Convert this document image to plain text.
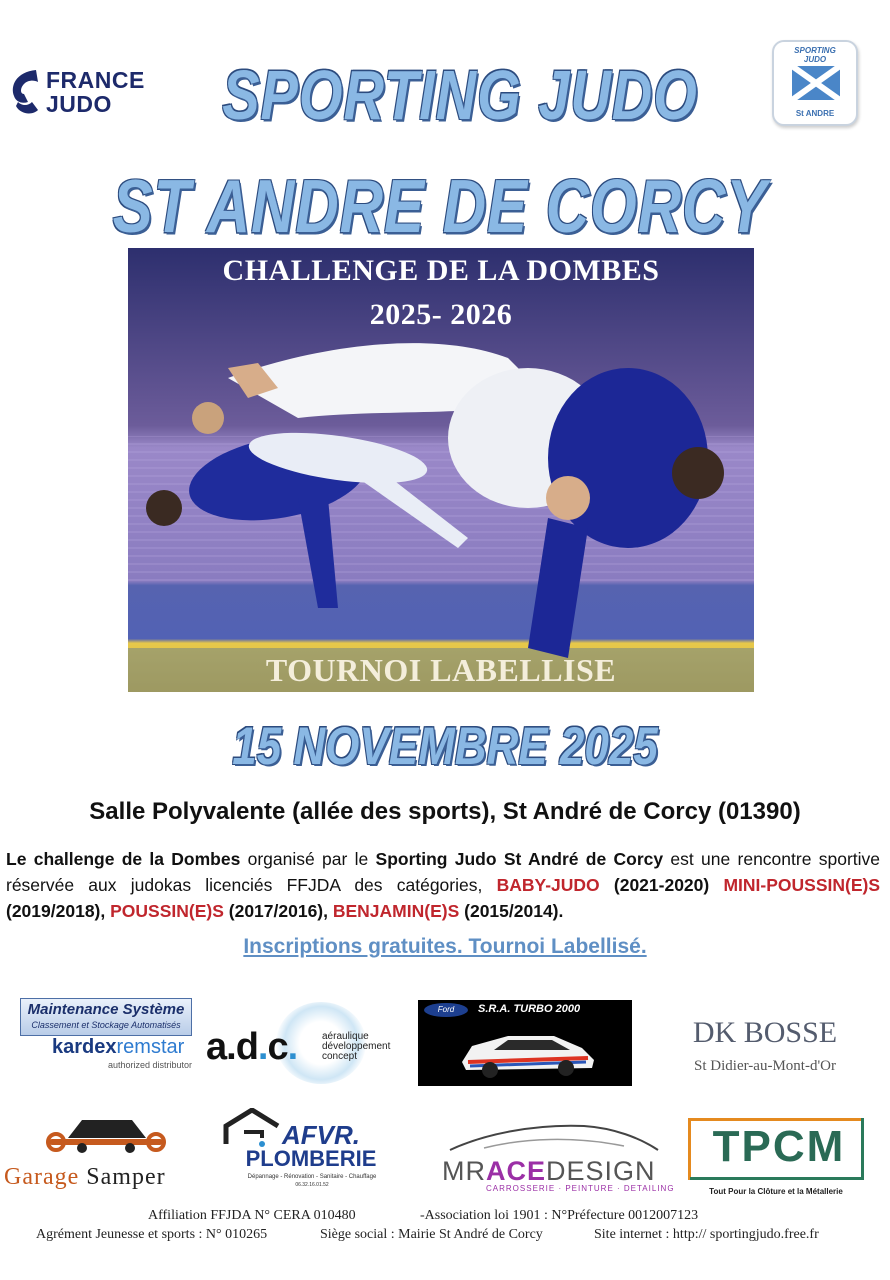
FRANCE
JUDO	SPORTING JUDO
ST ANDRE DE CORCY
SPORTING
JUDO
St ANDRE
CHALLENGE DE LA DOMBES
2025- 2026
TOURNOI LABELLISE
15 NOVEMBRE 2025
Salle Polyvalente (allée des sports), St André de Corcy (01390)
Le challenge de la Dombes organisé par le Sporting Judo St André de Corcy est une rencontre sportive réservée aux judokas licenciés FFJDA des catégories, BABY-JUDO (2021-2020) MINI-POUSSIN(E)S (2019/2018), POUSSIN(E)S (2017/2016), BENJAMIN(E)S (2015/2014).
Inscriptions gratuites. Tournoi Labellisé.
Maintenance Système
Classement et Stockage Automatisés
kardexremstar
authorized distributor a.d.c. aéraulique
développement
concept
Ford	S.R.A. TURBO 2000
DK BOSSE
St Didier-au-Mont-d'Or
Garage Samper
AFVR.
PLOMBERIE
Dépannage - Rénovation - Sanitaire - Chauffage
06.32.16.01.52	MRACEDESIGN
CARROSSERIE · PEINTURE · DETAILING
TPCM
Tout Pour la Clôture et la Métallerie
Affiliation FFJDA N° CERA 010480	-Association loi 1901 : N°Préfecture 0012007123
Agrément Jeunesse et sports : N° 010265	Siège social : Mairie St André de Corcy	Site internet : http:// sportingjudo.free.fr
